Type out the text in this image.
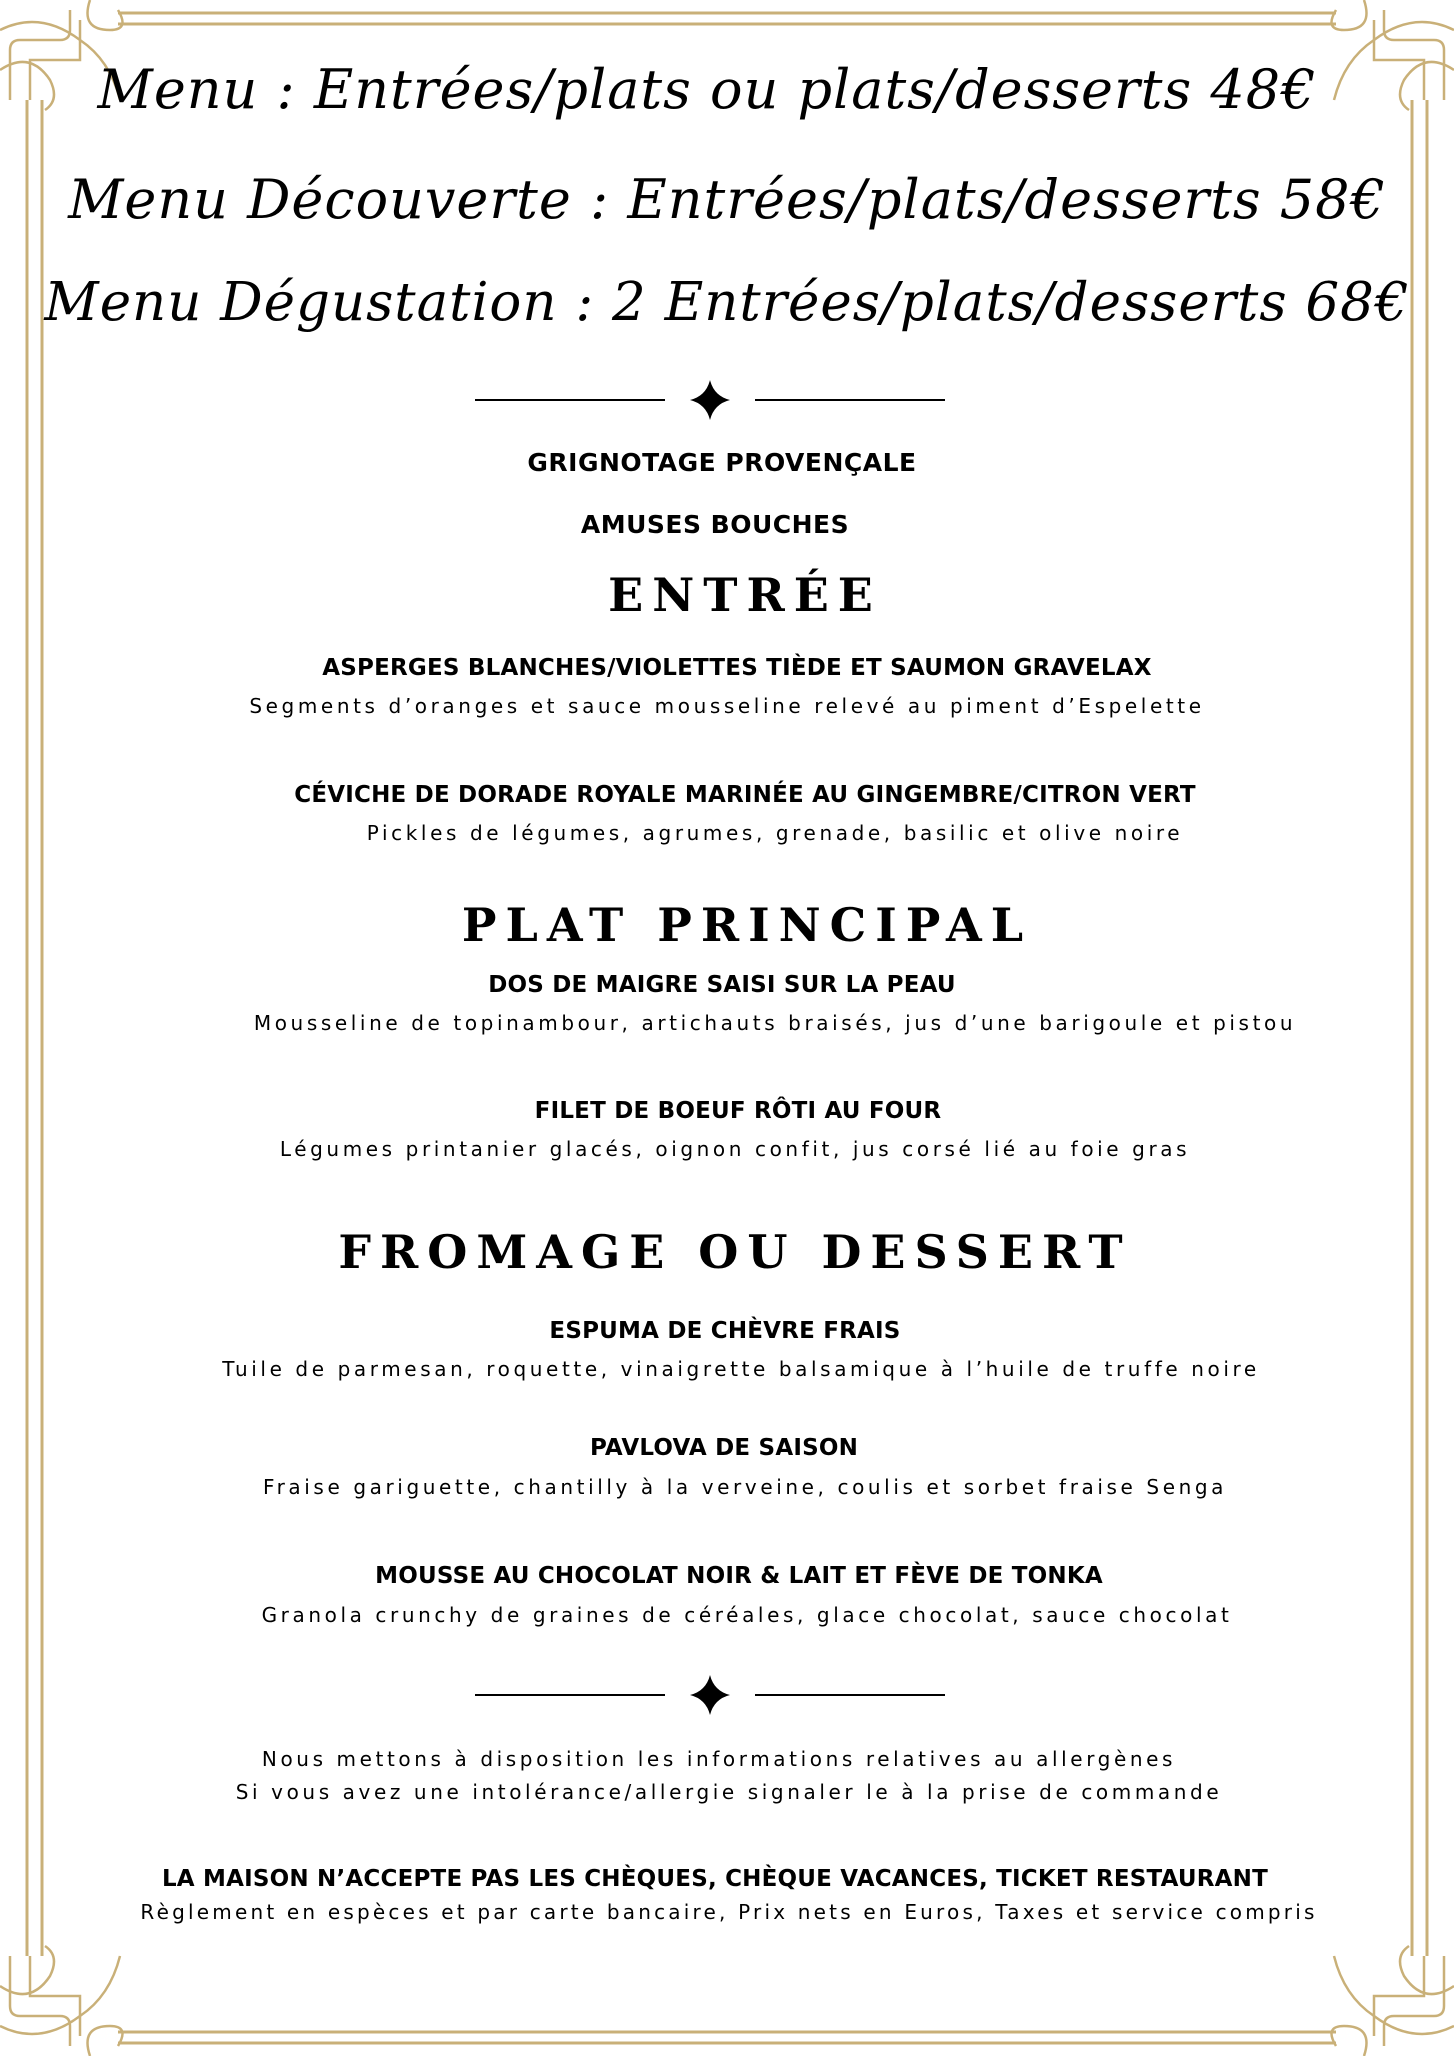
Menu : Entrées/plats ou plats/desserts 48€
Menu Découverte : Entrées/plats/desserts 58€
Menu Dégustation : 2 Entrées/plats/desserts 68€
GRIGNOTAGE PROVENÇALE
AMUSES BOUCHES
ENTRÉE
ASPERGES BLANCHES/VIOLETTES TIÈDE ET SAUMON GRAVELAX
Segments d’oranges et sauce mousseline relevé au piment d’Espelette
CÉVICHE DE DORADE ROYALE MARINÉE AU GINGEMBRE/CITRON VERT
Pickles de légumes, agrumes, grenade, basilic et olive noire
PLAT PRINCIPAL
DOS DE MAIGRE SAISI SUR LA PEAU
Mousseline de topinambour, artichauts braisés, jus d’une barigoule et pistou
FILET DE BOEUF RÔTI AU FOUR
Légumes printanier glacés, oignon confit, jus corsé lié au foie gras
FROMAGE OU DESSERT
ESPUMA DE CHÈVRE FRAIS
Tuile de parmesan, roquette, vinaigrette balsamique à l’huile de truffe noire
PAVLOVA DE SAISON
Fraise gariguette, chantilly à la verveine, coulis et sorbet fraise Senga
MOUSSE AU CHOCOLAT NOIR & LAIT ET FÈVE DE TONKA
Granola crunchy de graines de céréales, glace chocolat, sauce chocolat
Nous mettons à disposition les informations relatives au allergènes
Si vous avez une intolérance/allergie signaler le à la prise de commande
LA MAISON N’ACCEPTE PAS LES CHÈQUES, CHÈQUE VACANCES, TICKET RESTAURANT
Règlement en espèces et par carte bancaire, Prix nets en Euros, Taxes et service compris
